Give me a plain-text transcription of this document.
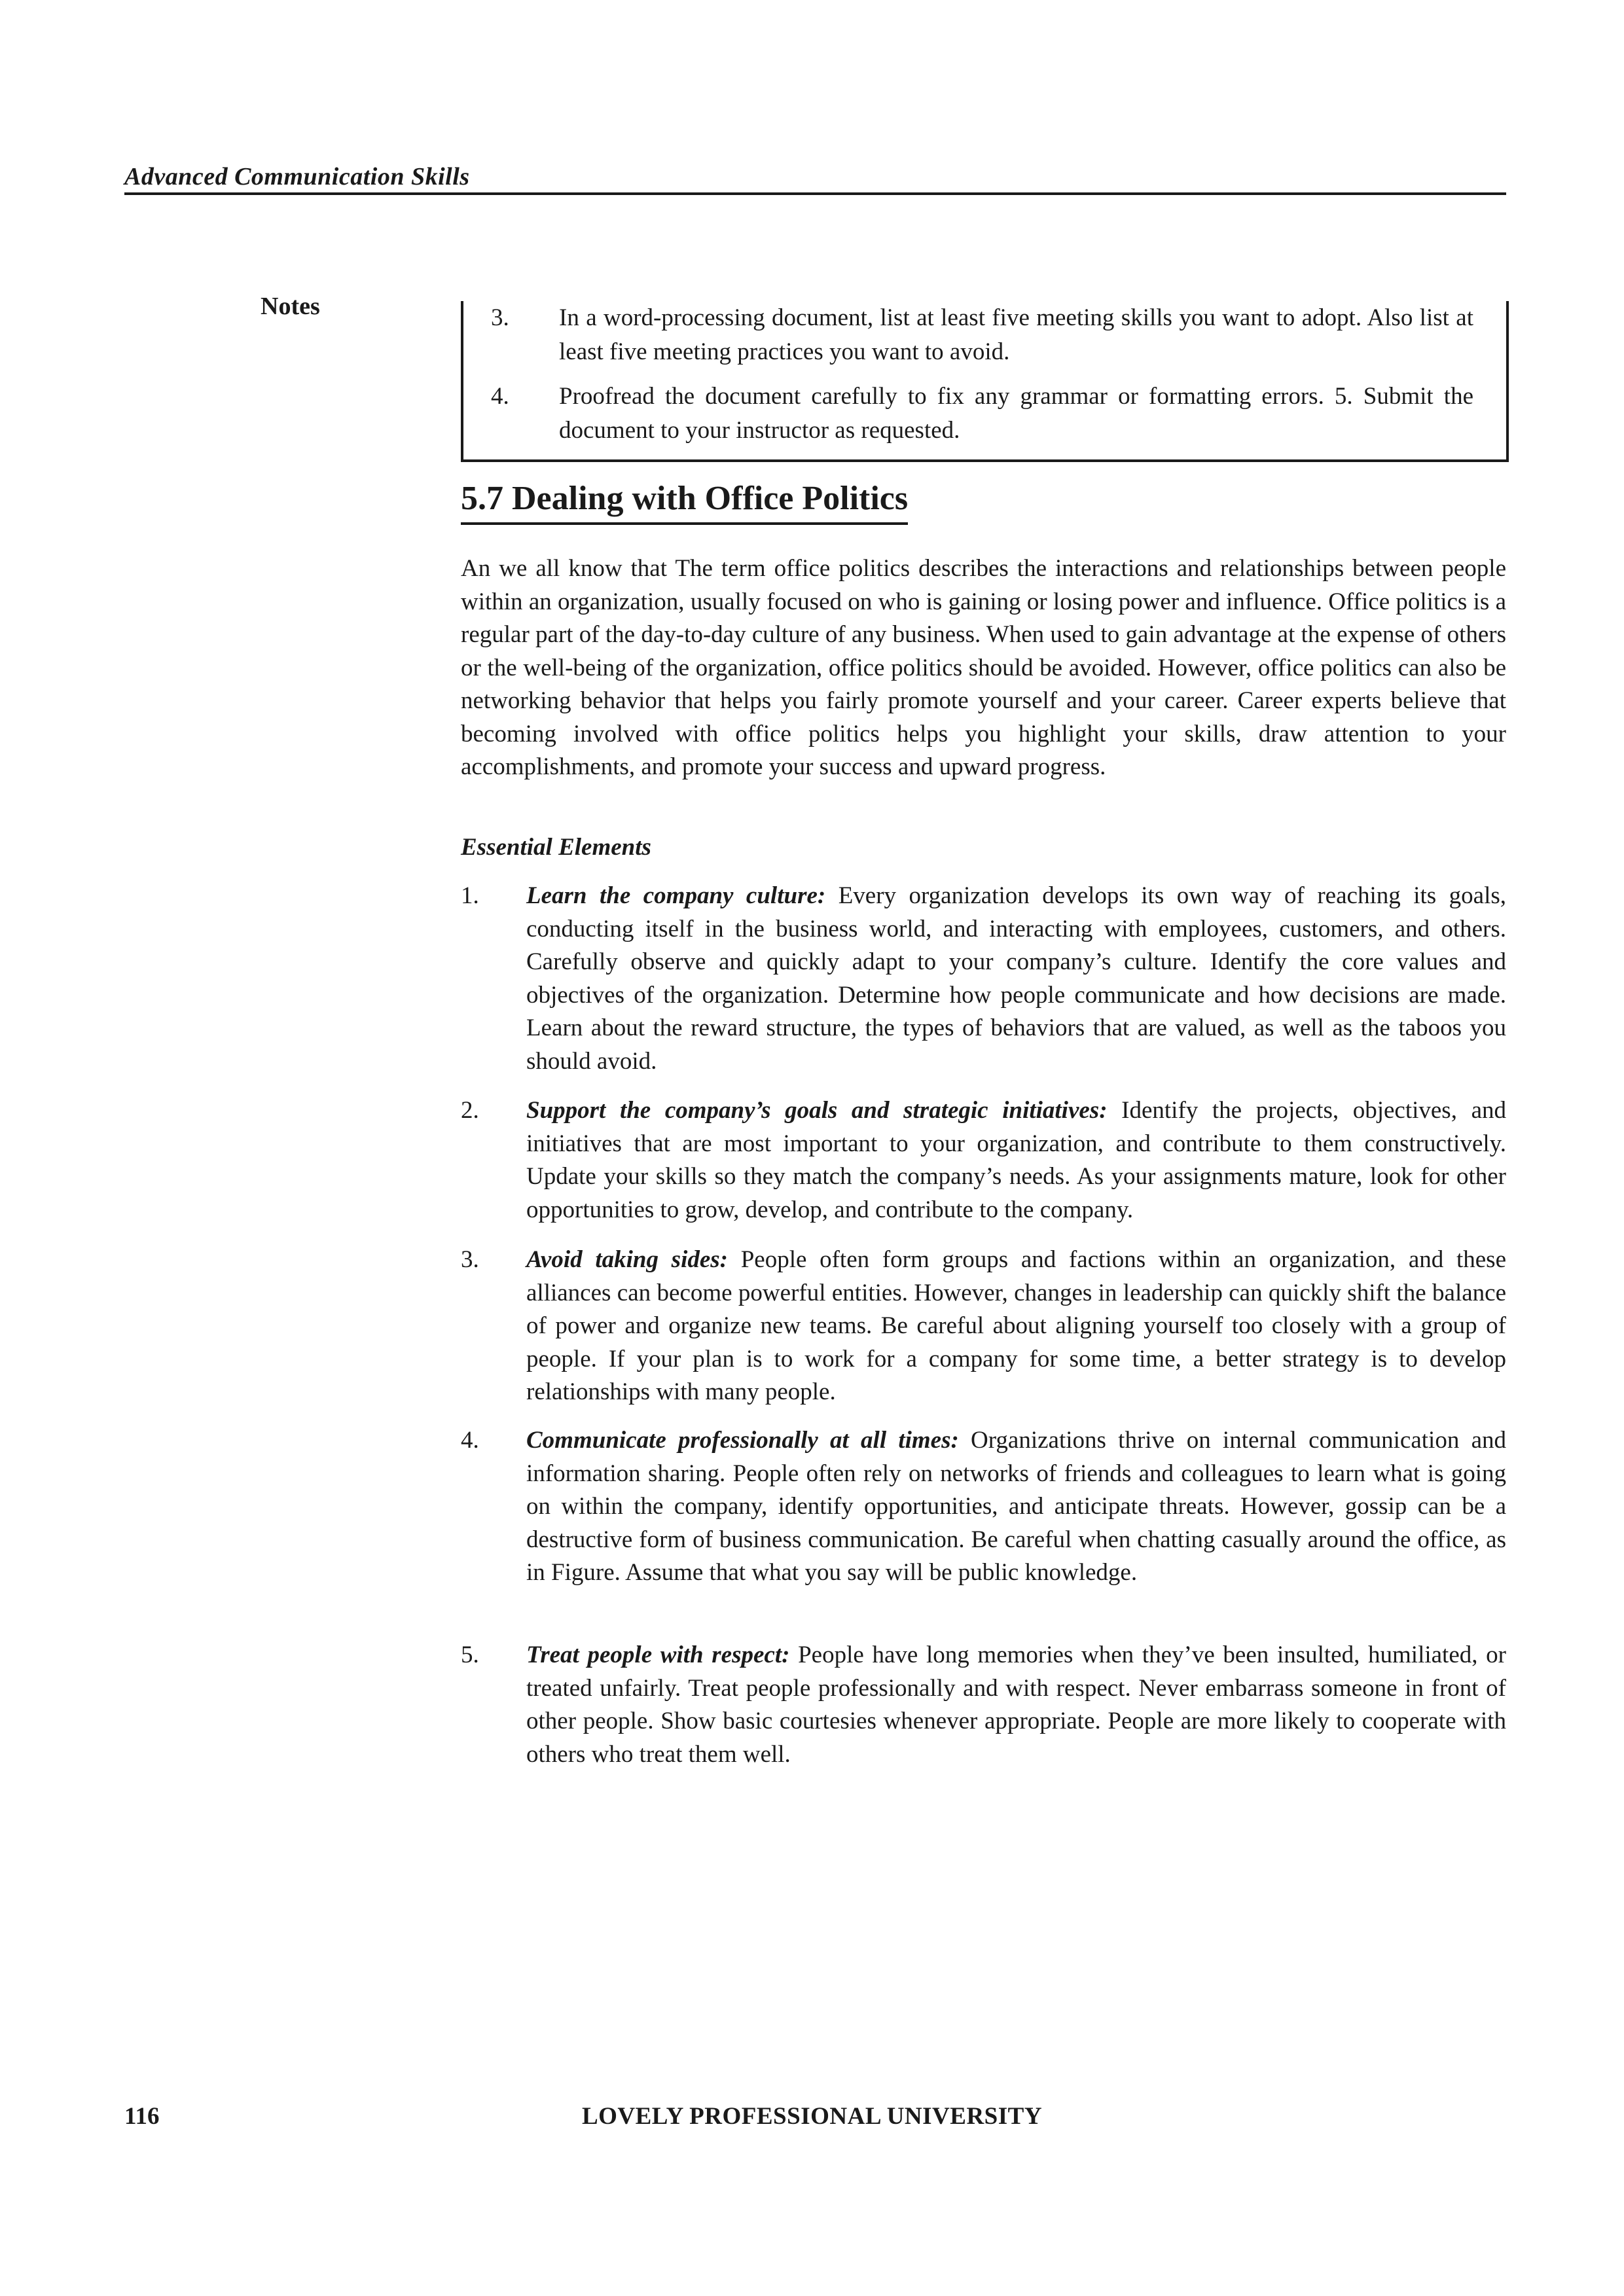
Advanced Communication Skills
Notes	3. In a word-processing document, list at least five meeting skills you want to adopt. Also list at least five meeting practices you want to avoid.
4. Proofread the document carefully to fix any grammar or formatting errors. 5. Submit the document to your instructor as requested.
5.7 Dealing with Office Politics

An we all know that The term office politics describes the interactions and relationships between people within an organization, usually focused on who is gaining or losing power and influence. Office politics is a regular part of the day-to-day culture of any business. When used to gain advantage at the expense of others or the well-being of the organization, office politics should be avoided. However, office politics can also be networking behavior that helps you fairly promote yourself and your career. Career experts believe that becoming involved with office politics helps you highlight your skills, draw attention to your accomplishments, and promote your success and upward progress.

Essential Elements
1. Learn the company culture: Every organization develops its own way of reaching its goals, conducting itself in the business world, and interacting with employees, customers, and others. Carefully observe and quickly adapt to your company’s culture. Identify the core values and objectives of the organization. Determine how people communicate and how decisions are made. Learn about the reward structure, the types of behaviors that are valued, as well as the taboos you should avoid.

2. Support the company’s goals and strategic initiatives: Identify the projects, objectives, and initiatives that are most important to your organization, and contribute to them constructively. Update your skills so they match the company’s needs. As your assignments mature, look for other opportunities to grow, develop, and contribute to the company.

3. Avoid taking sides: People often form groups and factions within an organization, and these alliances can become powerful entities. However, changes in leadership can quickly shift the balance of power and organize new teams. Be careful about aligning yourself too closely with a group of people. If your plan is to work for a company for some time, a better strategy is to develop relationships with many people.

4. Communicate professionally at all times: Organizations thrive on internal communication and information sharing. People often rely on networks of friends and colleagues to learn what is going on within the company, identify opportunities, and anticipate threats. However, gossip can be a destructive form of business communication. Be careful when chatting casually around the office, as in Figure. Assume that what you say will be public knowledge.

5. Treat people with respect: People have long memories when they’ve been insulted, humiliated, or treated unfairly. Treat people professionally and with respect. Never embarrass someone in front of other people. Show basic courtesies whenever appropriate. People are more likely to cooperate with others who treat them well.

116	LOVELY PROFESSIONAL UNIVERSITY
